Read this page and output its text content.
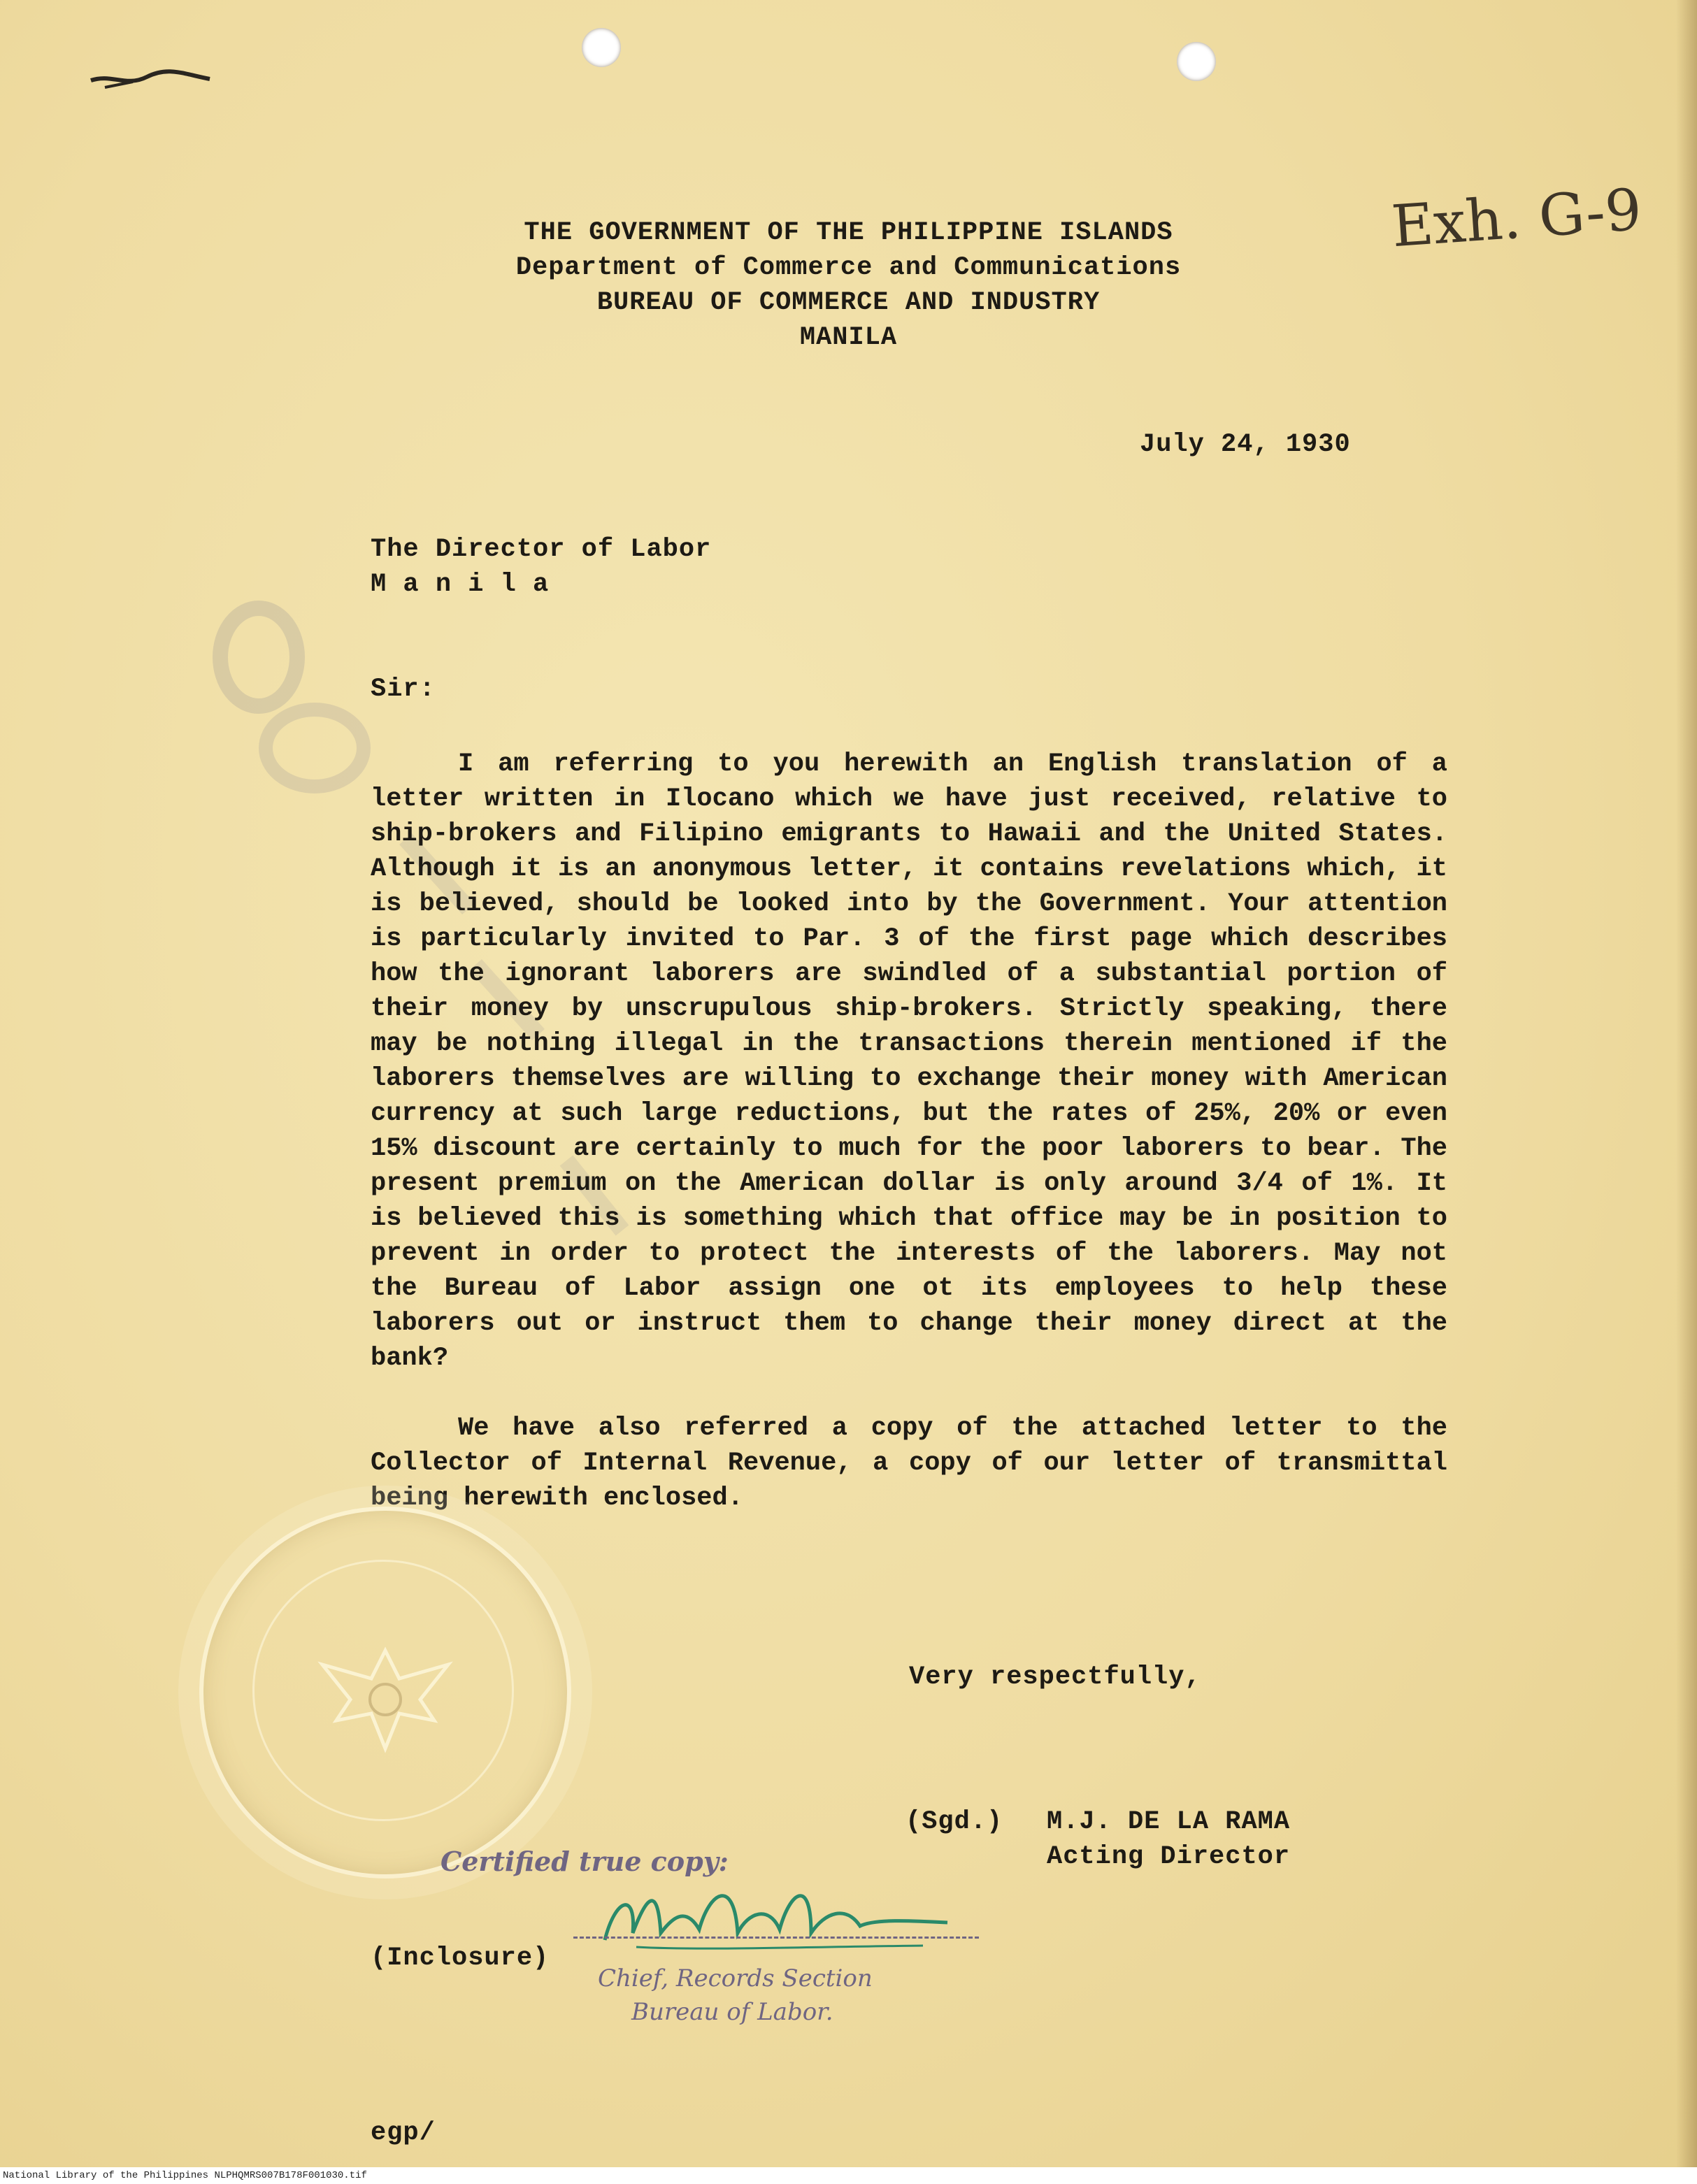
Exh. G-9
THE GOVERNMENT OF THE PHILIPPINE ISLANDS
Department of Commerce and Communications
BUREAU OF COMMERCE AND INDUSTRY
MANILA
July 24, 1930
The Director of Labor
M a n i l a
Sir:

I am referring to you herewith an English translation of a letter written in Ilocano which we have just received, relative to ship-brokers and Filipino emigrants to Hawaii and the United States. Although it is an anonymous letter, it contains revelations which, it is believed, should be looked into by the Government. Your attention is particularly invited to Par. 3 of the first page which describes how the ignorant laborers are swindled of a substantial portion of their money by unscrupulous ship-brokers. Strictly speaking, there may be nothing illegal in the transactions therein mentioned if the laborers themselves are willing to exchange their money with American currency at such large reductions, but the rates of 25%, 20% or even 15% discount are certainly to much for the poor laborers to bear. The present premium on the American dollar is only around 3/4 of 1%. It is believed this is something which that office may be in position to prevent in order to protect the interests of the laborers. May not the Bureau of Labor assign one ot its employees to help these laborers out or instruct them to change their money direct at the bank?

We have also referred a copy of the attached letter to the Collector of Internal Revenue, a copy of our letter of transmittal being herewith enclosed.

Very respectfully,
(Sgd.) M.J. DE LA RAMA
Acting Director
Certified true copy:
Chief, Records Section
Bureau of Labor.
(Inclosure)
egp/
National Library of the Philippines NLPHQMRS007B178F001030.tif
